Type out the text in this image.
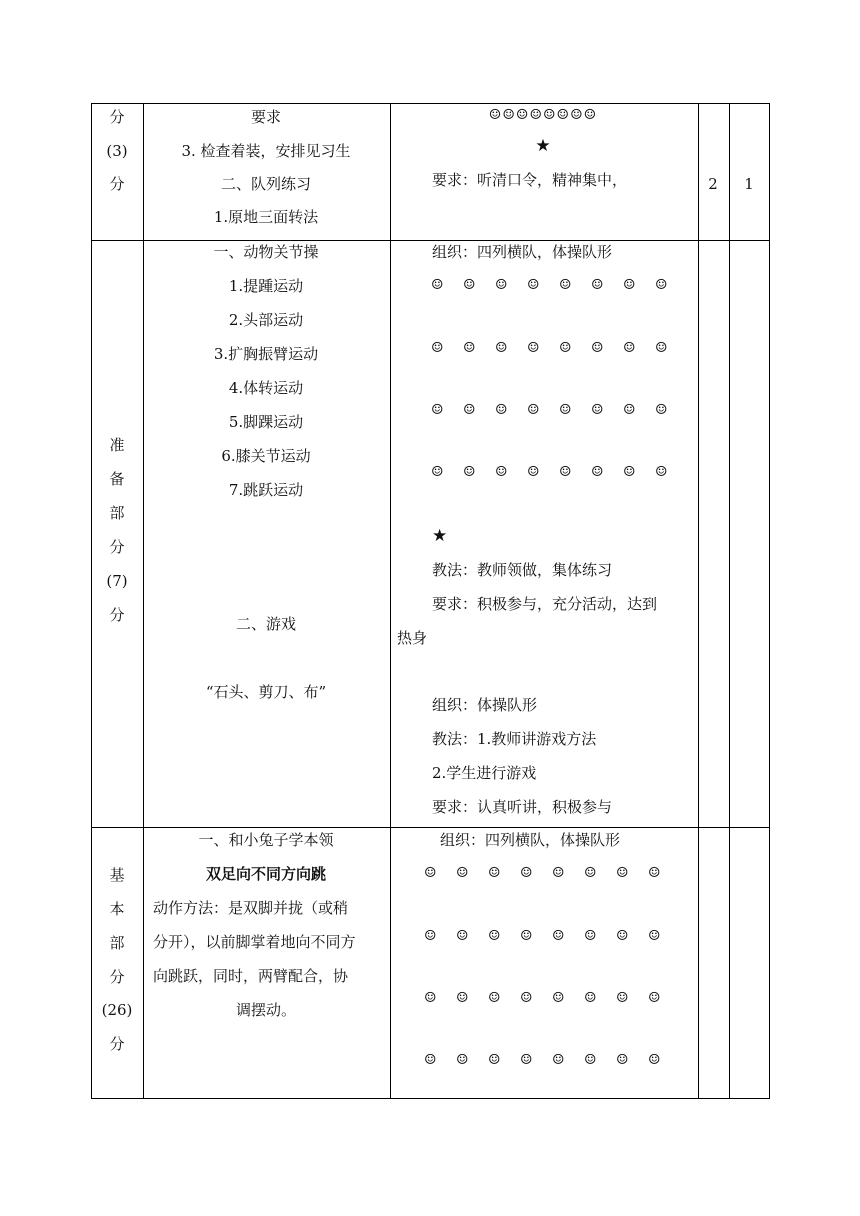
分
(3)
分
要求
3. 检查着装，安排见习生
二、队列练习
1.原地三面转法
☺☺☺☺☺☺☺☺
★
要求：听清口令，精神集中，	2 1
准
备
部
分
(7)
分
一、动物关节操
1.提踵运动
2.头部运动
3.扩胸振臂运动
4.体转运动
5.脚踝运动
6.膝关节运动
7.跳跃运动
二、游戏
“石头、剪刀、布”
组织：四列横队，体操队形
☺ ☺ ☺ ☺ ☺ ☺ ☺ ☺
☺ ☺ ☺ ☺ ☺ ☺ ☺ ☺
☺ ☺ ☺ ☺ ☺ ☺ ☺ ☺
☺ ☺ ☺ ☺ ☺ ☺ ☺ ☺
★
教法：教师领做，集体练习
要求：积极参与，充分活动，达到
热身
组织：体操队形
教法：1.教师讲游戏方法
2.学生进行游戏
要求：认真听讲，积极参与
基
本
部
分
(26)
分
一、和小兔子学本领
双足向不同方向跳
动作方法：是双脚并拢（或稍
分开），以前脚掌着地向不同方
向跳跃，同时，两臂配合，协
调摆动。
组织：四列横队，体操队形
☺ ☺ ☺ ☺ ☺ ☺ ☺ ☺
☺ ☺ ☺ ☺ ☺ ☺ ☺ ☺
☺ ☺ ☺ ☺ ☺ ☺ ☺ ☺
☺ ☺ ☺ ☺ ☺ ☺ ☺ ☺
